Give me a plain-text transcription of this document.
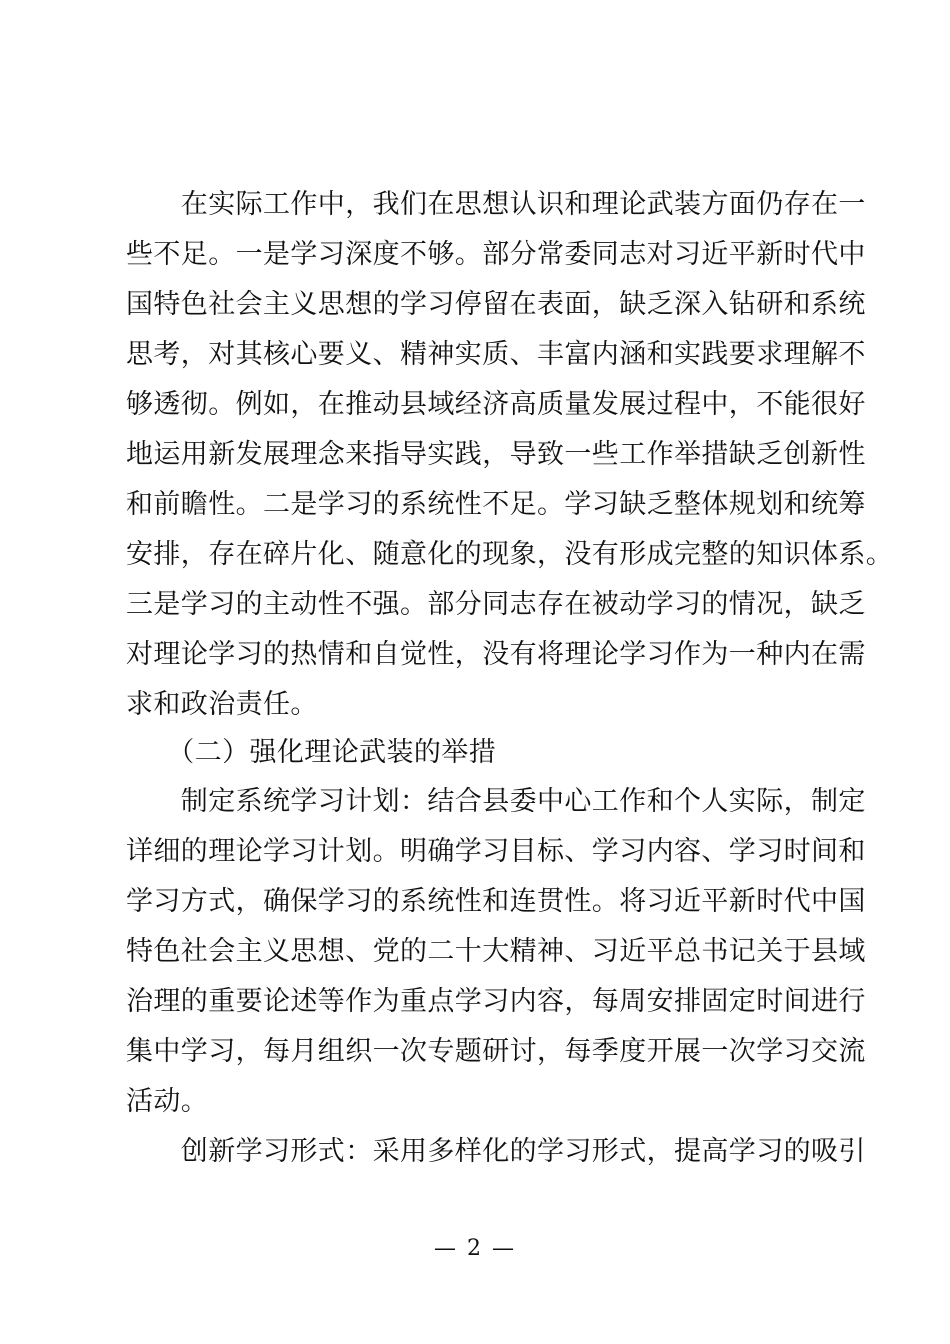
　　在实际工作中，我们在思想认识和理论武装方面仍存在一
些不足。一是学习深度不够。部分常委同志对习近平新时代中
国特色社会主义思想的学习停留在表面，缺乏深入钻研和系统
思考，对其核心要义、精神实质、丰富内涵和实践要求理解不
够透彻。例如，在推动县域经济高质量发展过程中，不能很好
地运用新发展理念来指导实践，导致一些工作举措缺乏创新性
和前瞻性。二是学习的系统性不足。学习缺乏整体规划和统筹
安排，存在碎片化、随意化的现象，没有形成完整的知识体系。
三是学习的主动性不强。部分同志存在被动学习的情况，缺乏
对理论学习的热情和自觉性，没有将理论学习作为一种内在需
求和政治责任。
　　（二）强化理论武装的举措
　　制定系统学习计划：结合县委中心工作和个人实际，制定
详细的理论学习计划。明确学习目标、学习内容、学习时间和
学习方式，确保学习的系统性和连贯性。将习近平新时代中国
特色社会主义思想、党的二十大精神、习近平总书记关于县域
治理的重要论述等作为重点学习内容，每周安排固定时间进行
集中学习，每月组织一次专题研讨，每季度开展一次学习交流
活动。
　　创新学习形式：采用多样化的学习形式，提高学习的吸引
— 2 —
